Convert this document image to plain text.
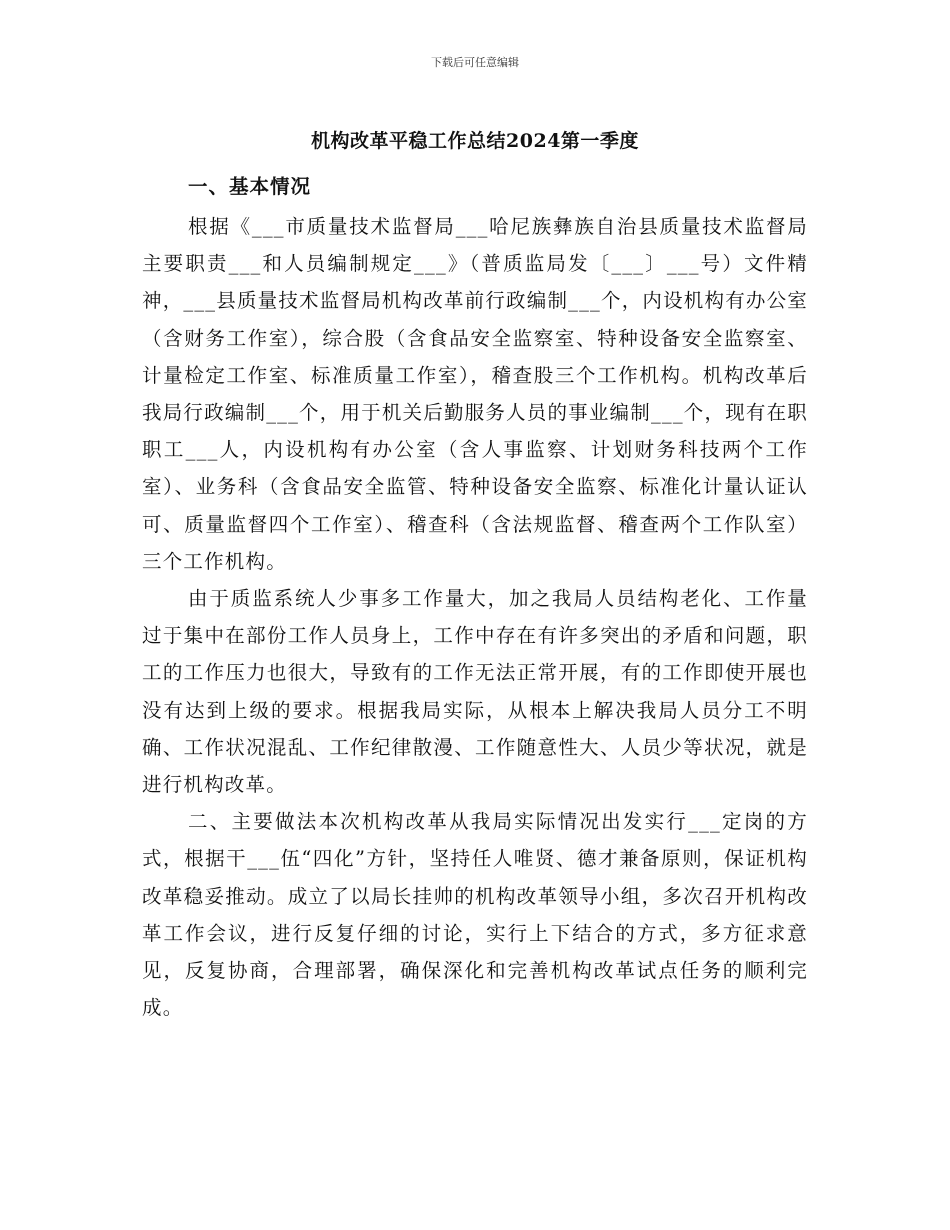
下载后可任意编辑
机构改革平稳工作总结2024第一季度
一、基本情况

根据《___市质量技术监督局___哈尼族彝族自治县质量技术监督局主要职责___和人员编制规定___》（普质监局发〔___〕___号）文件精神，___县质量技术监督局机构改革前行政编制___个，内设机构有办公室（含财务工作室），综合股（含食品安全监察室、特种设备安全监察室、计量检定工作室、标准质量工作室），稽查股三个工作机构。机构改革后我局行政编制___个，用于机关后勤服务人员的事业编制___个，现有在职职工___人，内设机构有办公室（含人事监察、计划财务科技两个工作室）、业务科（含食品安全监管、特种设备安全监察、标准化计量认证认可、质量监督四个工作室）、稽查科（含法规监督、稽查两个工作队室）三个工作机构。

由于质监系统人少事多工作量大，加之我局人员结构老化、工作量过于集中在部份工作人员身上，工作中存在有许多突出的矛盾和问题，职工的工作压力也很大，导致有的工作无法正常开展，有的工作即使开展也没有达到上级的要求。根据我局实际，从根本上解决我局人员分工不明确、工作状况混乱、工作纪律散漫、工作随意性大、人员少等状况，就是进行机构改革。

二、主要做法本次机构改革从我局实际情况出发实行___定岗的方式，根据干___伍“四化”方针，坚持任人唯贤、德才兼备原则，保证机构改革稳妥推动。成立了以局长挂帅的机构改革领导小组，多次召开机构改革工作会议，进行反复仔细的讨论，实行上下结合的方式，多方征求意见，反复协商，合理部署，确保深化和完善机构改革试点任务的顺利完成。
